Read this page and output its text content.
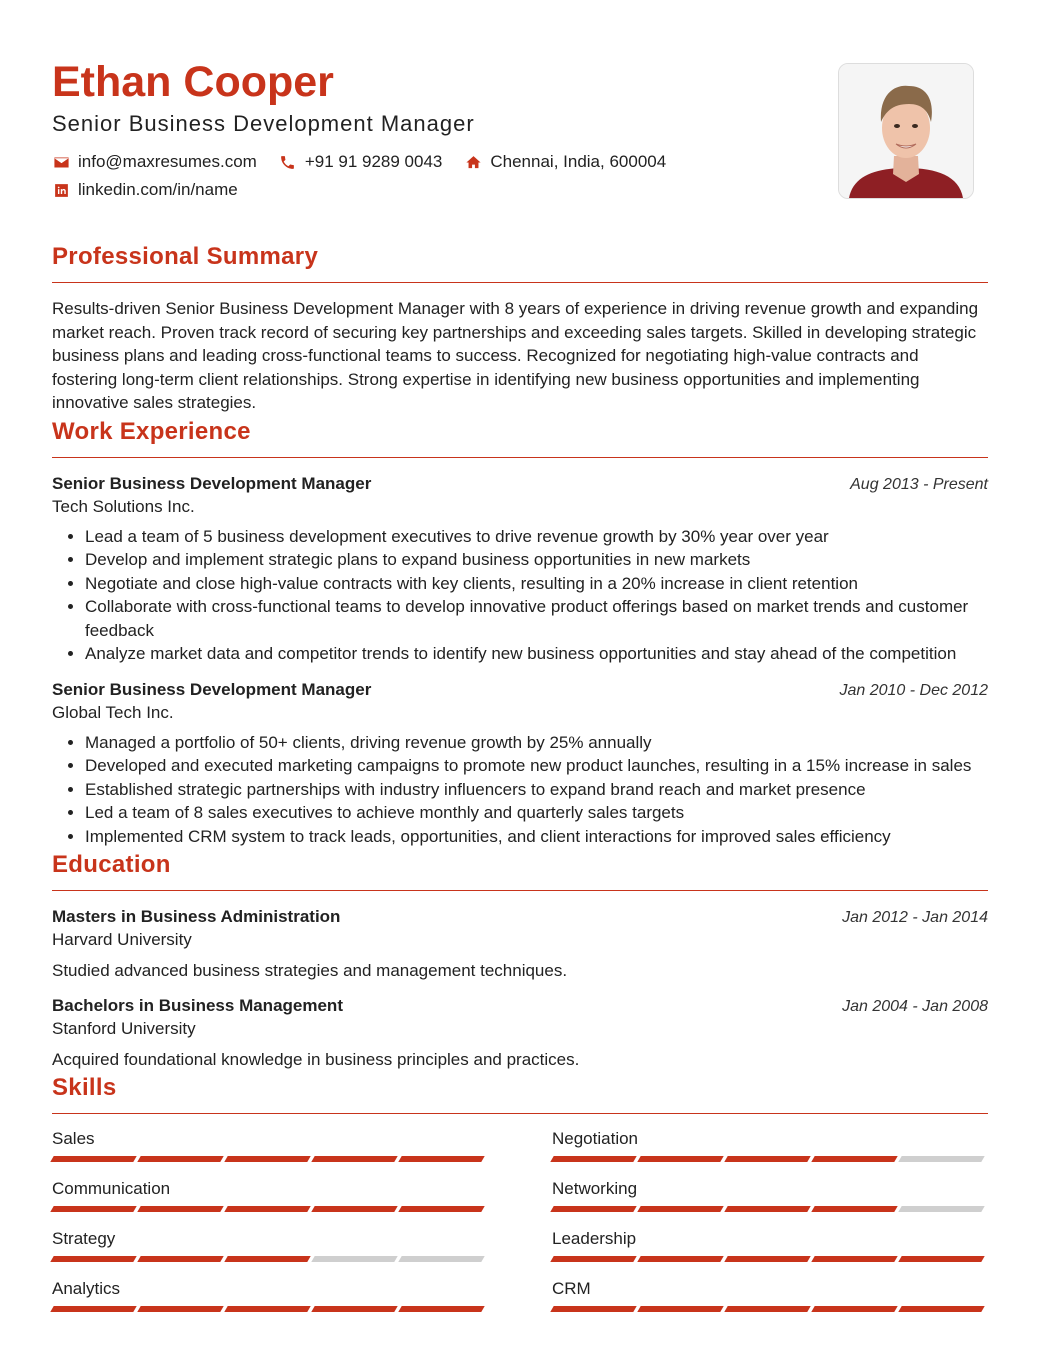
Ethan Cooper
Senior Business Development Manager
info@maxresumes.com	+91 91 9289 0043	Chennai, India, 600004
linkedin.com/in/name
Professional Summary
Results-driven Senior Business Development Manager with 8 years of experience in driving revenue growth and expanding market reach. Proven track record of securing key partnerships and exceeding sales targets. Skilled in developing strategic business plans and leading cross-functional teams to success. Recognized for negotiating high-value contracts and fostering long-term client relationships. Strong expertise in identifying new business opportunities and implementing innovative sales strategies.
Work Experience
Senior Business Development Manager	Aug 2013 - Present
Tech Solutions Inc.
• Lead a team of 5 business development executives to drive revenue growth by 30% year over year
• Develop and implement strategic plans to expand business opportunities in new markets
• Negotiate and close high-value contracts with key clients, resulting in a 20% increase in client retention
• Collaborate with cross-functional teams to develop innovative product offerings based on market trends and customer feedback
• Analyze market data and competitor trends to identify new business opportunities and stay ahead of the competition
Senior Business Development Manager	Jan 2010 - Dec 2012
Global Tech Inc.
• Managed a portfolio of 50+ clients, driving revenue growth by 25% annually
• Developed and executed marketing campaigns to promote new product launches, resulting in a 15% increase in sales
• Established strategic partnerships with industry influencers to expand brand reach and market presence
• Led a team of 8 sales executives to achieve monthly and quarterly sales targets
• Implemented CRM system to track leads, opportunities, and client interactions for improved sales efficiency
Education
Masters in Business Administration	Jan 2012 - Jan 2014
Harvard University
Studied advanced business strategies and management techniques.
Bachelors in Business Management	Jan 2004 - Jan 2008
Stanford University
Acquired foundational knowledge in business principles and practices.
Skills
Sales	Negotiation
Communication	Networking
Strategy	Leadership
Analytics	CRM
